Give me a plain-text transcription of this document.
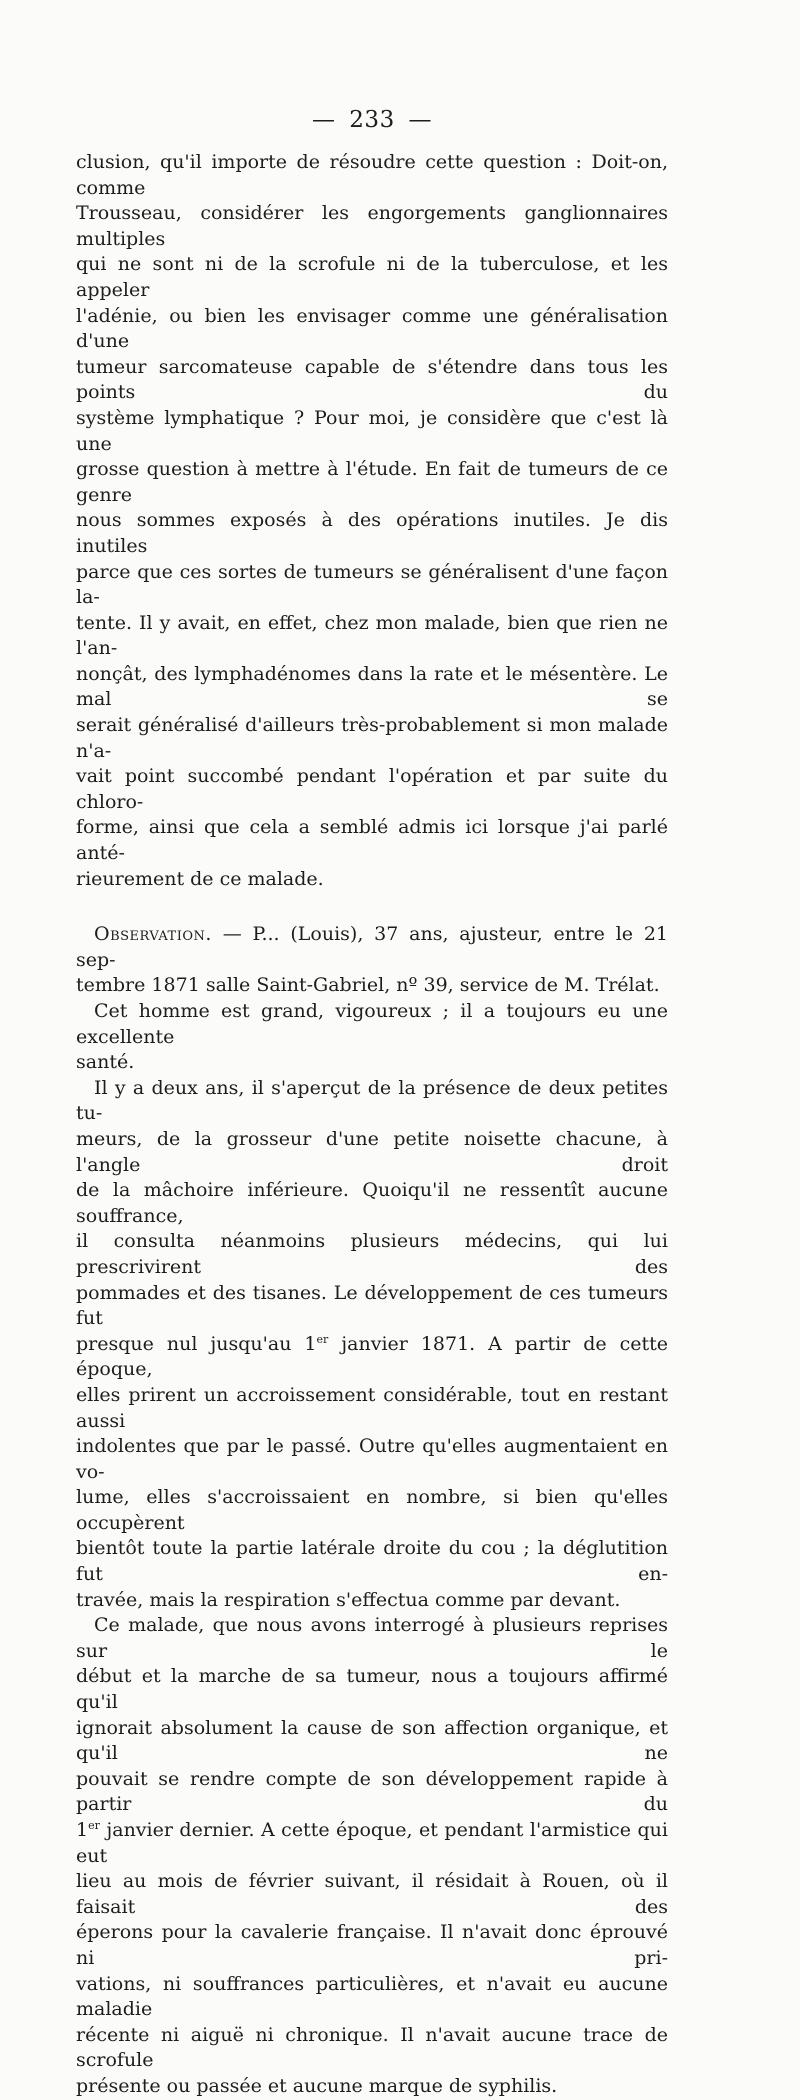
— 233 —

clusion, qu'il importe de résoudre cette question : Doit-on, comme
Trousseau, considérer les engorgements ganglionnaires multiples
qui ne sont ni de la scrofule ni de la tuberculose, et les appeler
l'adénie, ou bien les envisager comme une généralisation d'une
tumeur sarcomateuse capable de s'étendre dans tous les points du
système lymphatique ? Pour moi, je considère que c'est là une
grosse question à mettre à l'étude. En fait de tumeurs de ce genre
nous sommes exposés à des opérations inutiles. Je dis inutiles
parce que ces sortes de tumeurs se généralisent d'une façon la-
tente. Il y avait, en effet, chez mon malade, bien que rien ne l'an-
nonçât, des lymphadénomes dans la rate et le mésentère. Le mal se
serait généralisé d'ailleurs très-probablement si mon malade n'a-
vait point succombé pendant l'opération et par suite du chloro-
forme, ainsi que cela a semblé admis ici lorsque j'ai parlé anté-
rieurement de ce malade.

Observation. — P... (Louis), 37 ans, ajusteur, entre le 21 sep-
tembre 1871 salle Saint-Gabriel, nº 39, service de M. Trélat.

Cet homme est grand, vigoureux ; il a toujours eu une excellente
santé.

Il y a deux ans, il s'aperçut de la présence de deux petites tu-
meurs, de la grosseur d'une petite noisette chacune, à l'angle droit
de la mâchoire inférieure. Quoiqu'il ne ressentît aucune souffrance,
il consulta néanmoins plusieurs médecins, qui lui prescrivirent des
pommades et des tisanes. Le développement de ces tumeurs fut
presque nul jusqu'au 1er janvier 1871. A partir de cette époque,
elles prirent un accroissement considérable, tout en restant aussi
indolentes que par le passé. Outre qu'elles augmentaient en vo-
lume, elles s'accroissaient en nombre, si bien qu'elles occupèrent
bientôt toute la partie latérale droite du cou ; la déglutition fut en-
travée, mais la respiration s'effectua comme par devant.

Ce malade, que nous avons interrogé à plusieurs reprises sur le
début et la marche de sa tumeur, nous a toujours affirmé qu'il
ignorait absolument la cause de son affection organique, et qu'il ne
pouvait se rendre compte de son développement rapide à partir du
1er janvier dernier. A cette époque, et pendant l'armistice qui eut
lieu au mois de février suivant, il résidait à Rouen, où il faisait des
éperons pour la cavalerie française. Il n'avait donc éprouvé ni pri-
vations, ni souffrances particulières, et n'avait eu aucune maladie
récente ni aiguë ni chronique. Il n'avait aucune trace de scrofule
présente ou passée et aucune marque de syphilis.
